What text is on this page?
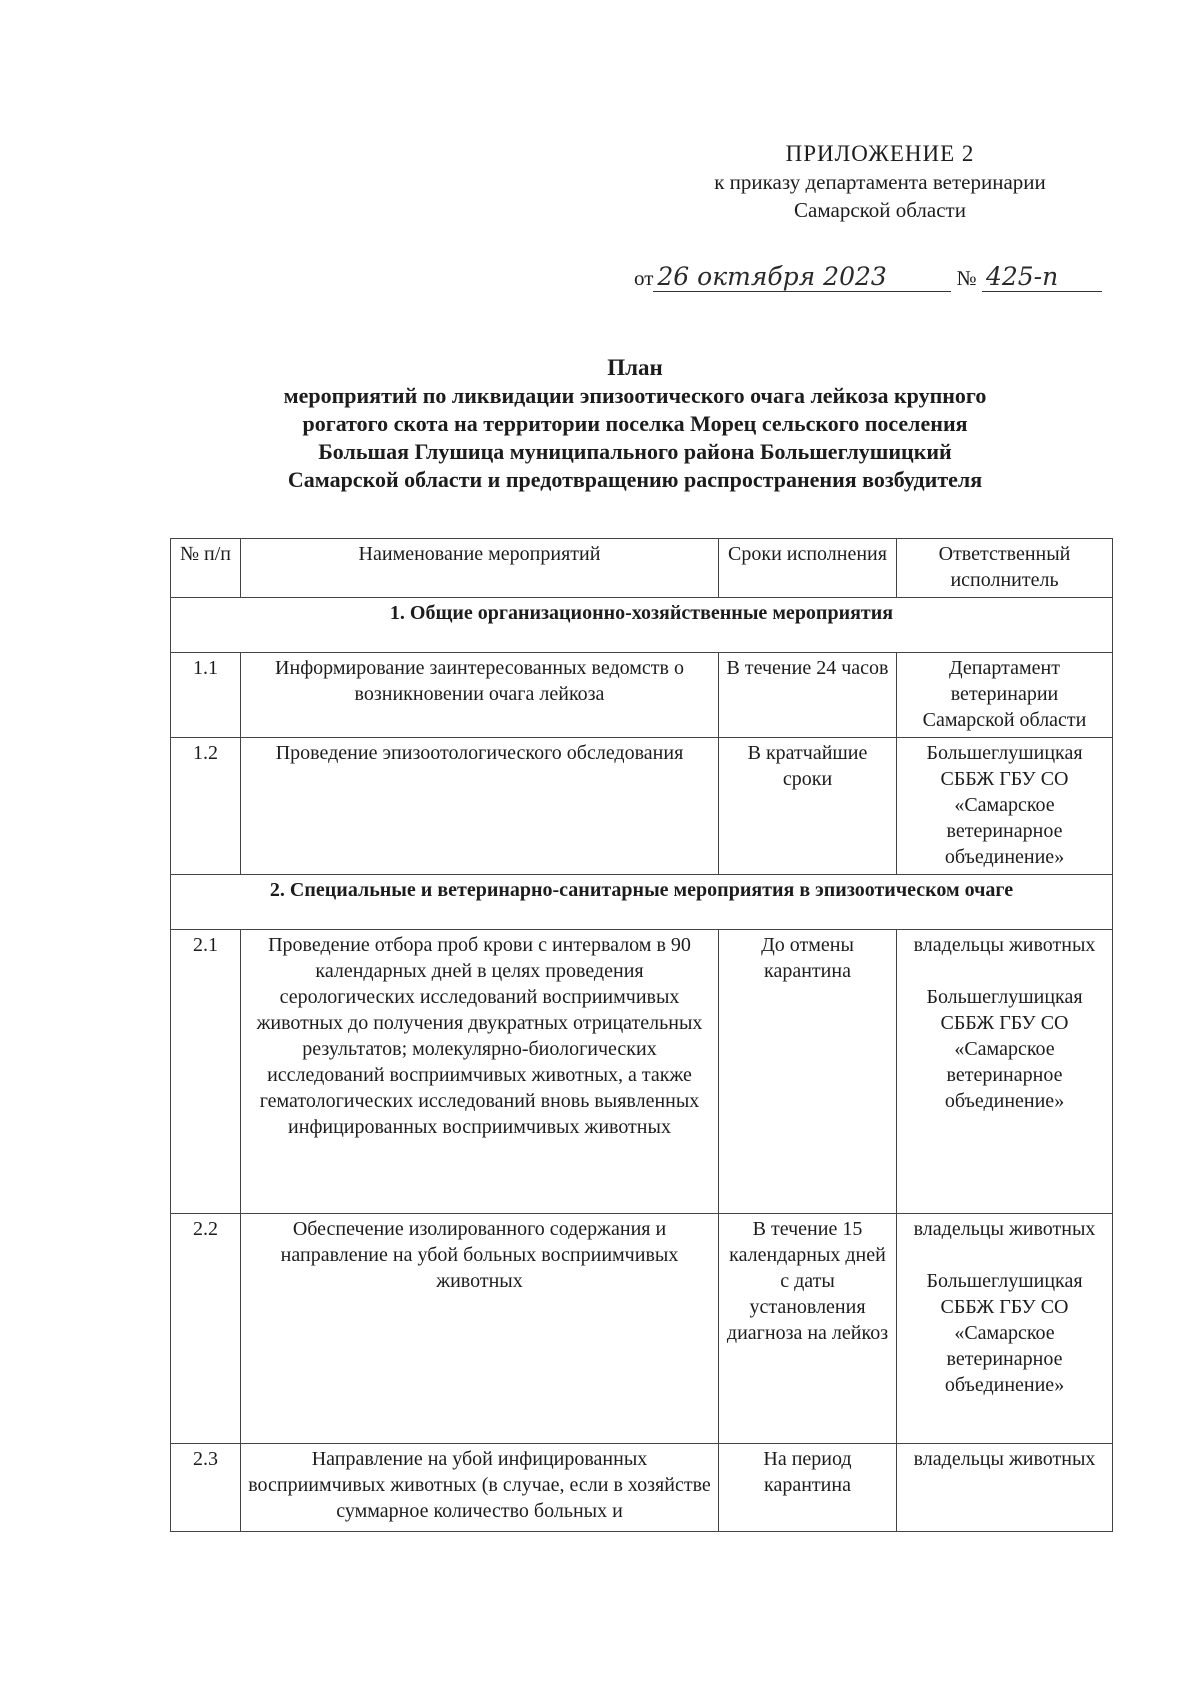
ПРИЛОЖЕНИЕ 2
к приказу департамента ветеринарии
Самарской области
от 26 октября 2023	№ 425-п
План
мероприятий по ликвидации эпизоотического очага лейкоза крупного
рогатого скота на территории поселка Морец сельского поселения
Большая Глушица муниципального района Большеглушицкий
Самарской области и предотвращению распространения возбудителя
№ п/п	Наименование мероприятий	Сроки исполнения	Ответственный исполнитель
1. Общие организационно-хозяйственные мероприятия			
1.1	Информирование заинтересованных ведомств о возникновении очага лейкоза	В течение 24 часов	Департамент ветеринарии Самарской области

1.2	Проведение эпизоотологического обследования	В кратчайшие сроки	Большеглушицкая СББЖ ГБУ СО «Самарское ветеринарное объединение»

2. Специальные и ветеринарно-санитарные мероприятия в эпизоотическом очаге			
2.1	Проведение отбора проб крови с интервалом в 90 календарных дней в целях проведения серологических исследований восприимчивых животных до получения двукратных отрицательных результатов; молекулярно-биологических исследований восприимчивых животных, а также гематологических исследований вновь выявленных инфицированных восприимчивых животных	До отмены карантина	владельцы животных
Большеглушицкая СББЖ ГБУ СО «Самарское ветеринарное объединение»

2.2	Обеспечение изолированного содержания и направление на убой больных восприимчивых животных	В течение 15 календарных дней с даты установления диагноза на лейкоз	владельцы животных
Большеглушицкая СББЖ ГБУ СО «Самарское ветеринарное объединение»

2.3	Направление на убой инфицированных восприимчивых животных (в случае, если в хозяйстве суммарное количество больных и	На период карантина	владельцы животных
